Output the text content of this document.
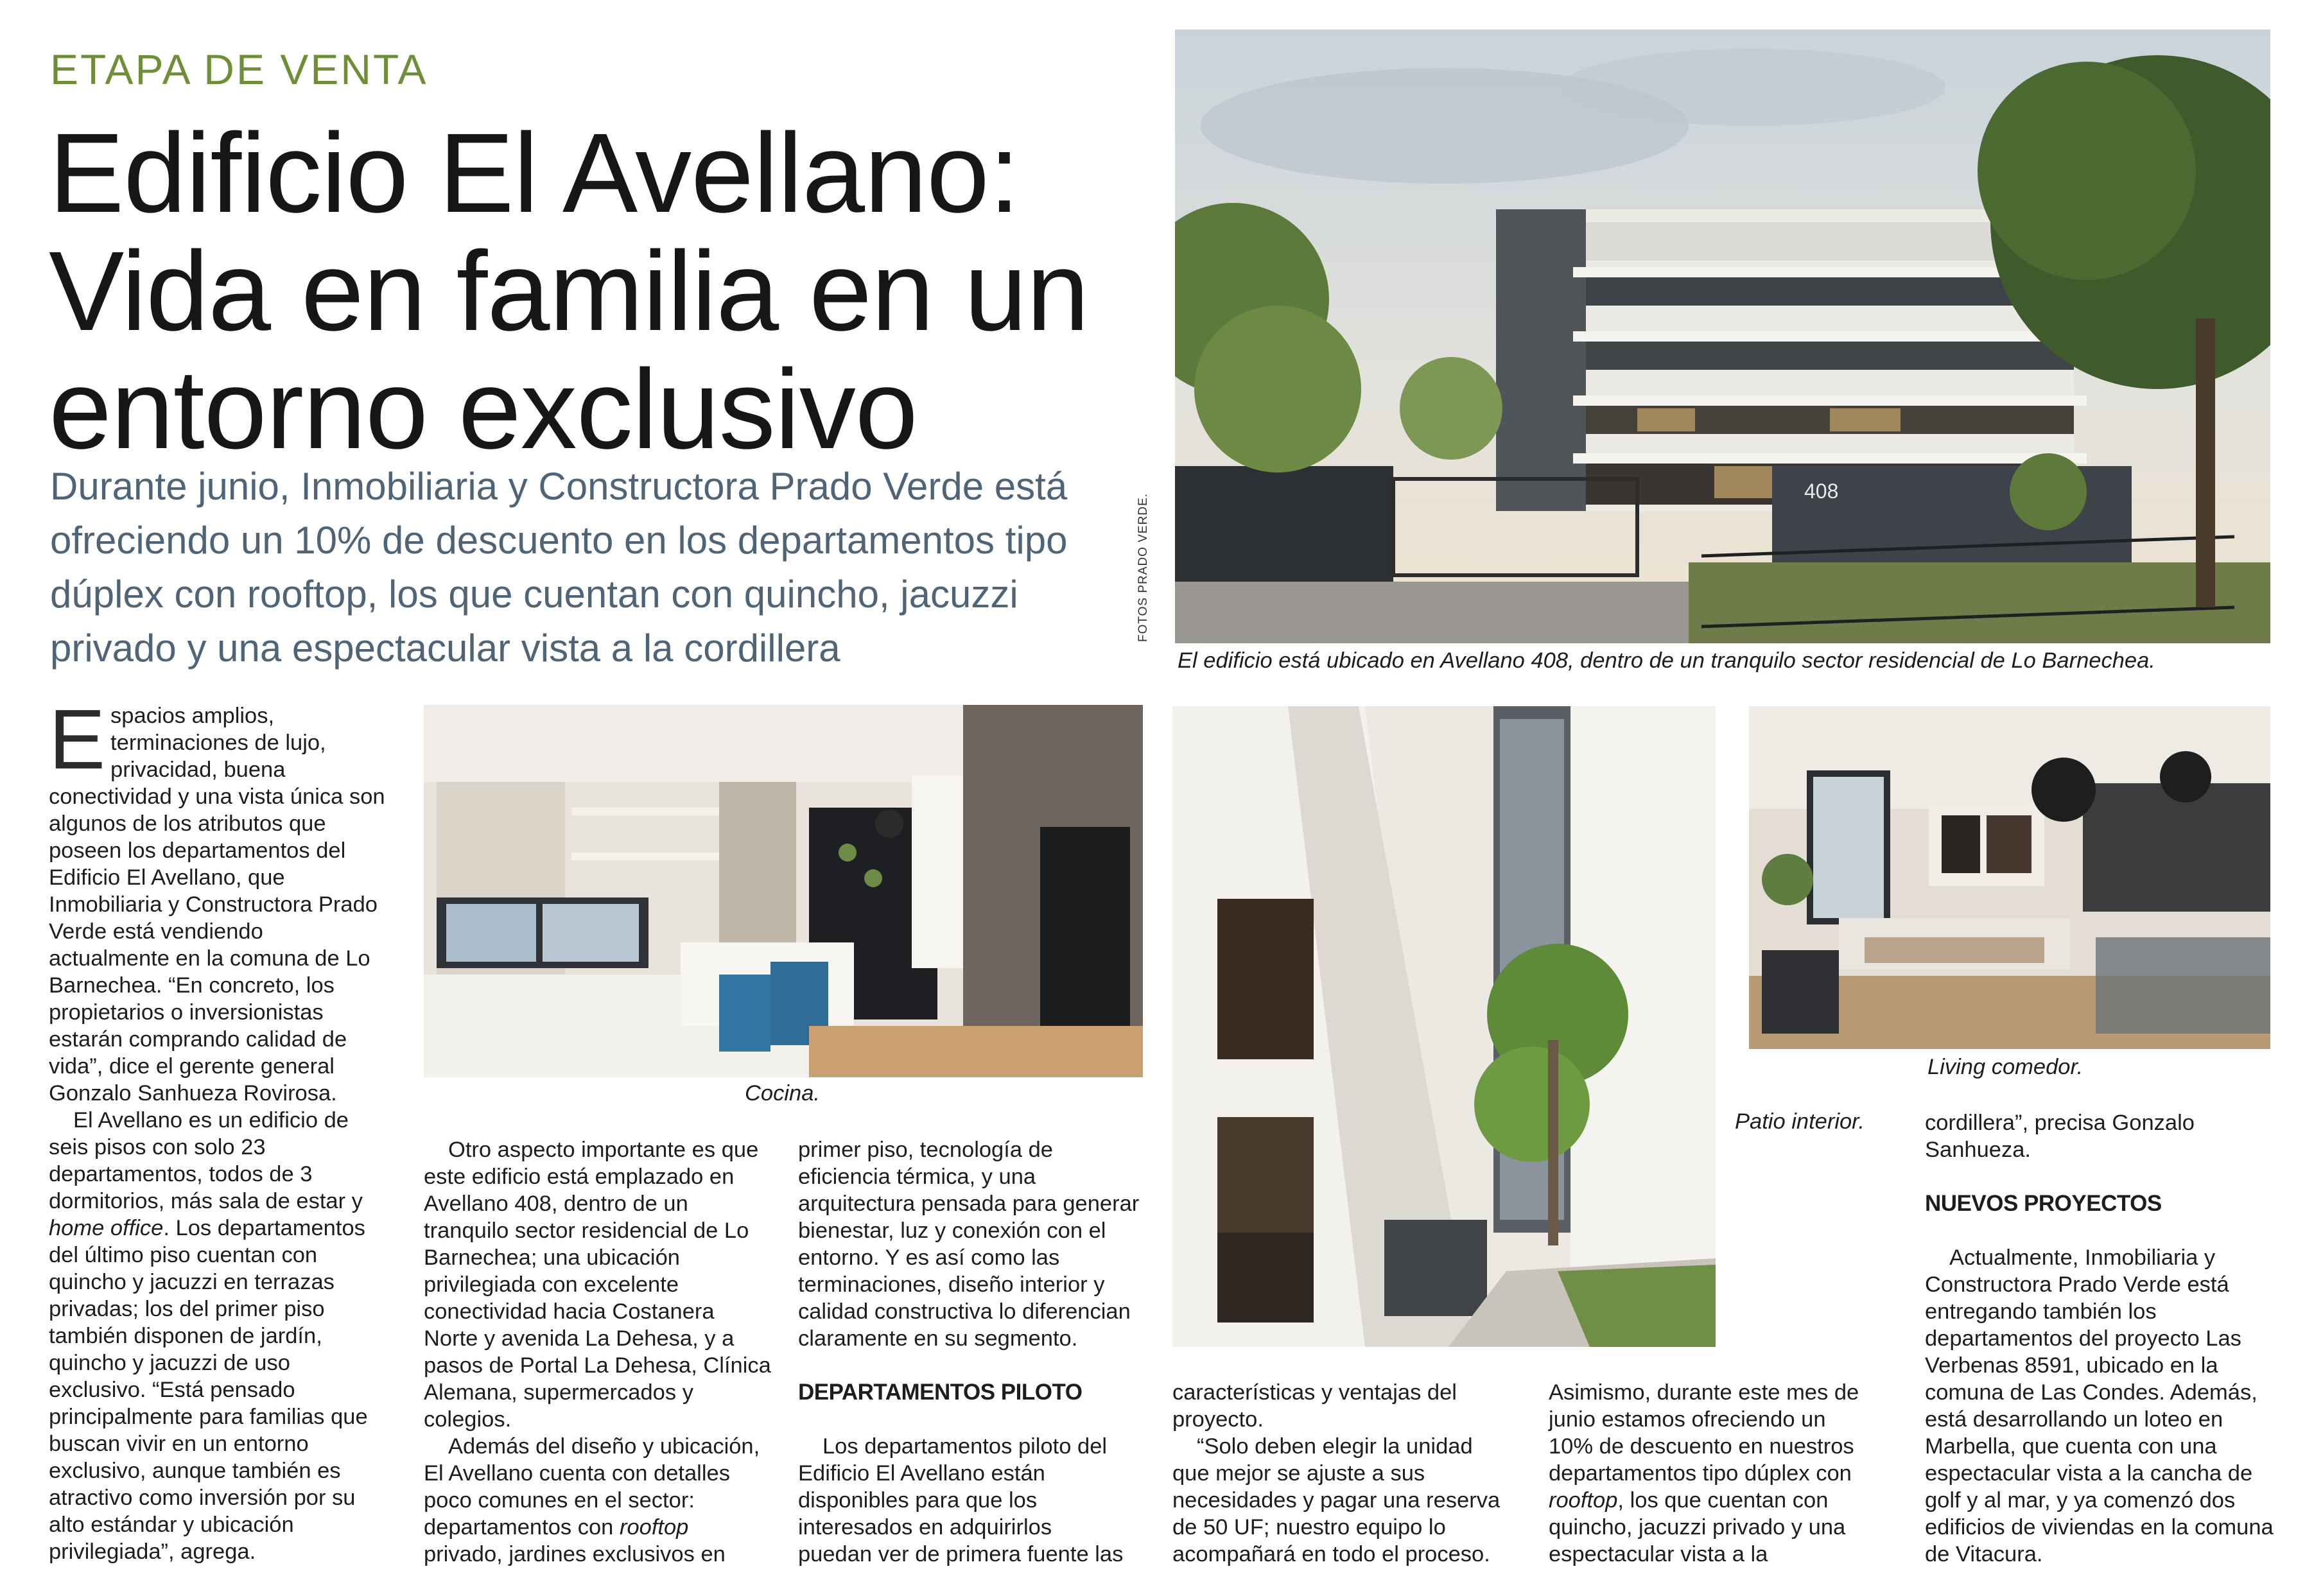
ETAPA DE VENTA
Edificio El Avellano:
Vida en familia en un
entorno exclusivo

Durante junio, Inmobiliaria y Constructora Prado Verde está
ofreciendo un 10% de descuento en los departamentos tipo
dúplex con rooftop, los que cuentan con quincho, jacuzzi
privado y una espectacular vista a la cordillera

FOTOS PRADO VERDE.
408
El edificio está ubicado en Avellano 408, dentro de un tranquilo sector residencial de Lo Barnechea.
Cocina.
Patio interior.
Living comedor.

E spacios amplios,
terminaciones de lujo,
privacidad, buena
conectividad y una vista única son
algunos de los atributos que
poseen los departamentos del
Edificio El Avellano, que
Inmobiliaria y Constructora Prado
Verde está vendiendo
actualmente en la comuna de Lo
Barnechea. “En concreto, los
propietarios o inversionistas
estarán comprando calidad de
vida”, dice el gerente general
Gonzalo Sanhueza Rovirosa.

El Avellano es un edificio de
seis pisos con solo 23
departamentos, todos de 3
dormitorios, más sala de estar y
home office. Los departamentos
del último piso cuentan con
quincho y jacuzzi en terrazas
privadas; los del primer piso
también disponen de jardín,
quincho y jacuzzi de uso
exclusivo. “Está pensado
principalmente para familias que
buscan vivir en un entorno
exclusivo, aunque también es
atractivo como inversión por su
alto estándar y ubicación
privilegiada”, agrega.

Otro aspecto importante es que
este edificio está emplazado en
Avellano 408, dentro de un
tranquilo sector residencial de Lo
Barnechea; una ubicación
privilegiada con excelente
conectividad hacia Costanera
Norte y avenida La Dehesa, y a
pasos de Portal La Dehesa, Clínica
Alemana, supermercados y
colegios.

Además del diseño y ubicación,
El Avellano cuenta con detalles
poco comunes en el sector:
departamentos con rooftop
privado, jardines exclusivos en

primer piso, tecnología de
eficiencia térmica, y una
arquitectura pensada para generar
bienestar, luz y conexión con el
entorno. Y es así como las
terminaciones, diseño interior y
calidad constructiva lo diferencian
claramente en su segmento.

DEPARTAMENTOS PILOTO

Los departamentos piloto del
Edificio El Avellano están
disponibles para que los
interesados en adquirirlos
puedan ver de primera fuente las

características y ventajas del
proyecto.

“Solo deben elegir la unidad
que mejor se ajuste a sus
necesidades y pagar una reserva
de 50 UF; nuestro equipo lo
acompañará en todo el proceso.

Asimismo, durante este mes de
junio estamos ofreciendo un
10% de descuento en nuestros
departamentos tipo dúplex con
rooftop, los que cuentan con
quincho, jacuzzi privado y una
espectacular vista a la

cordillera”, precisa Gonzalo
Sanhueza.

NUEVOS PROYECTOS

Actualmente, Inmobiliaria y
Constructora Prado Verde está
entregando también los
departamentos del proyecto Las
Verbenas 8591, ubicado en la
comuna de Las Condes. Además,
está desarrollando un loteo en
Marbella, que cuenta con una
espectacular vista a la cancha de
golf y al mar, y ya comenzó dos
edificios de viviendas en la comuna
de Vitacura.
